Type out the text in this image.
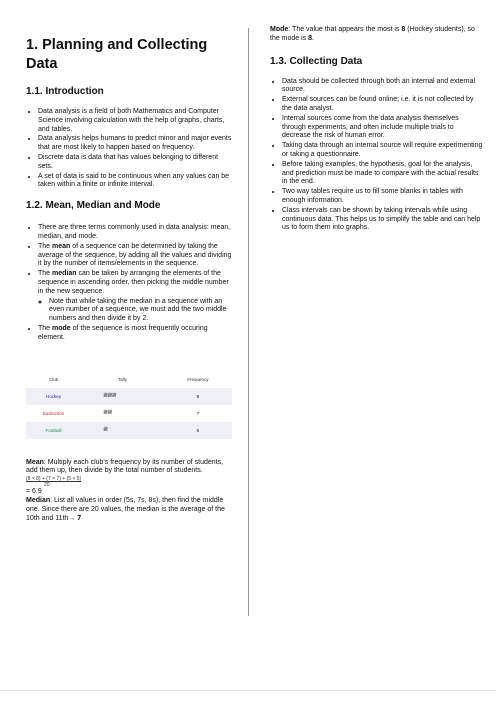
1. Planning and Collecting Data
1.1. Introduction
• Data analysis is a field of both Mathematics and Computer Science involving calculation with the help of graphs, charts, and tables.
• Data analysis helps humans to predict minor and major events that are most likely to happen based on frequency.
• Discrete data is data that has values belonging to different sets.
• A set of data is said to be continuous when any values can be taken within a finite or infinite interval.
1.2. Mean, Median and Mode
• There are three terms commonly used in data analysis: mean, median, and mode.
• The mean of a sequence can be determined by taking the average of the sequence, by adding all the values and dividing it by the number of items/elements in the sequence.
• The median can be taken by arranging the elements of the sequence in ascending order, then picking the middle number in the new sequence.
◦ Note that while taking the median in a sequence with an even number of a sequence, we must add the two middle numbers and then divide it by 2.
• The mode of the sequence is most frequently occuring element.
Club	Tally	Frequency
Hockey	𝍸𝍸𝍸	8
Badminton	𝍸𝍸	7
Football	𝍸	5

Mean: Multiply each club's frequency by its number of students, add them up, then divide by the total number of students.

(8 × 8) + (7 × 7) + (5 × 5)
20

= 6.9

Median: List all values in order (5s, 7s, 8s), then find the middle one. Since there are 20 values, the median is the average of the 10th and 11th→ 7

Mode: The value that appears the most is 8 (Hockey students), so the mode is 8.

1.3. Collecting Data
• Data should be collected through both an internal and external source.
• External sources can be found online; i.e. it is not collected by the data analyst.
• Internal sources come from the data analysis themselves through experiments, and often include multiple trials to decrease the risk of human error.
• Taking data through an internal source will require experimenting or taking a questionnaire.
• Before taking examples, the hypothesis, goal for the analysis, and prediction must be made to compare with the actual results in the end.
• Two way tables require us to fill some blanks in tables with enough information.
• Class intervals can be shown by taking intervals while using continuous data. This helps us to simplify the table and can help us to form them into graphs.
